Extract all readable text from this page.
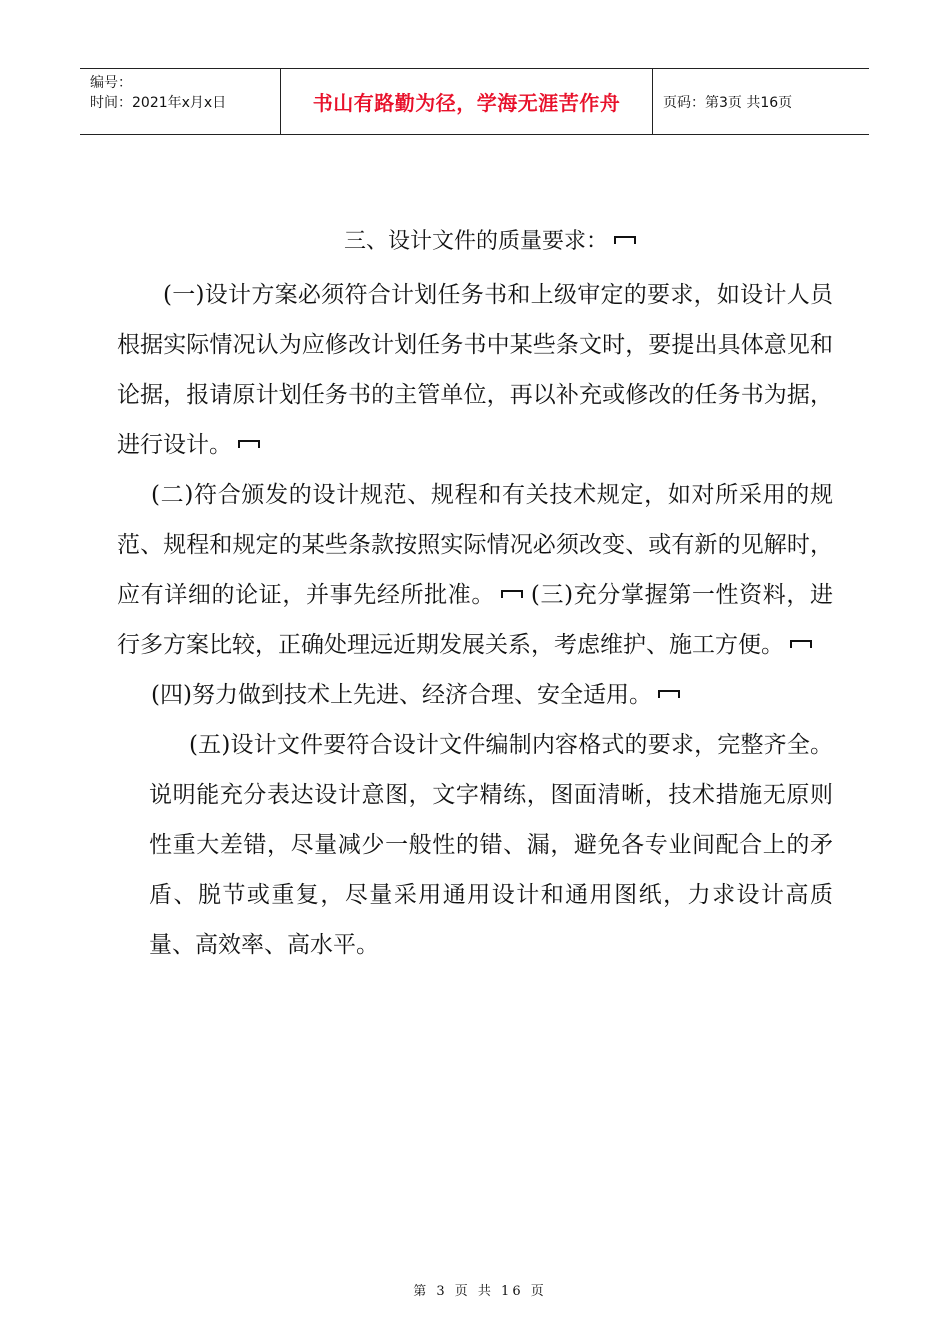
编号：
时间：2021年x月x日	书山有路勤为径，学海无涯苦作舟	页码：第3页 共16页
三、设计文件的质量要求：

(一)设计方案必须符合计划任务书和上级审定的要求，如设计人员根据实际情况认为应修改计划任务书中某些条文时，要提出具体意见和论据，报请原计划任务书的主管单位，再以补充或修改的任务书为据，进行设计。

(二)符合颁发的设计规范、规程和有关技术规定，如对所采用的规范、规程和规定的某些条款按照实际情况必须改变、或有新的见解时，应有详细的论证，并事先经所批准。 (三)充分掌握第一性资料，进行多方案比较，正确处理远近期发展关系，考虑维护、施工方便。

(四)努力做到技术上先进、经济合理、安全适用。

(五)设计文件要符合设计文件编制内容格式的要求，完整齐全。说明能充分表达设计意图，文字精练，图面清晰，技术措施无原则性重大差错，尽量减少一般性的错、漏，避免各专业间配合上的矛盾、脱节或重复，尽量采用通用设计和通用图纸，力求设计高质量、高效率、高水平。

第 3 页 共 16 页
